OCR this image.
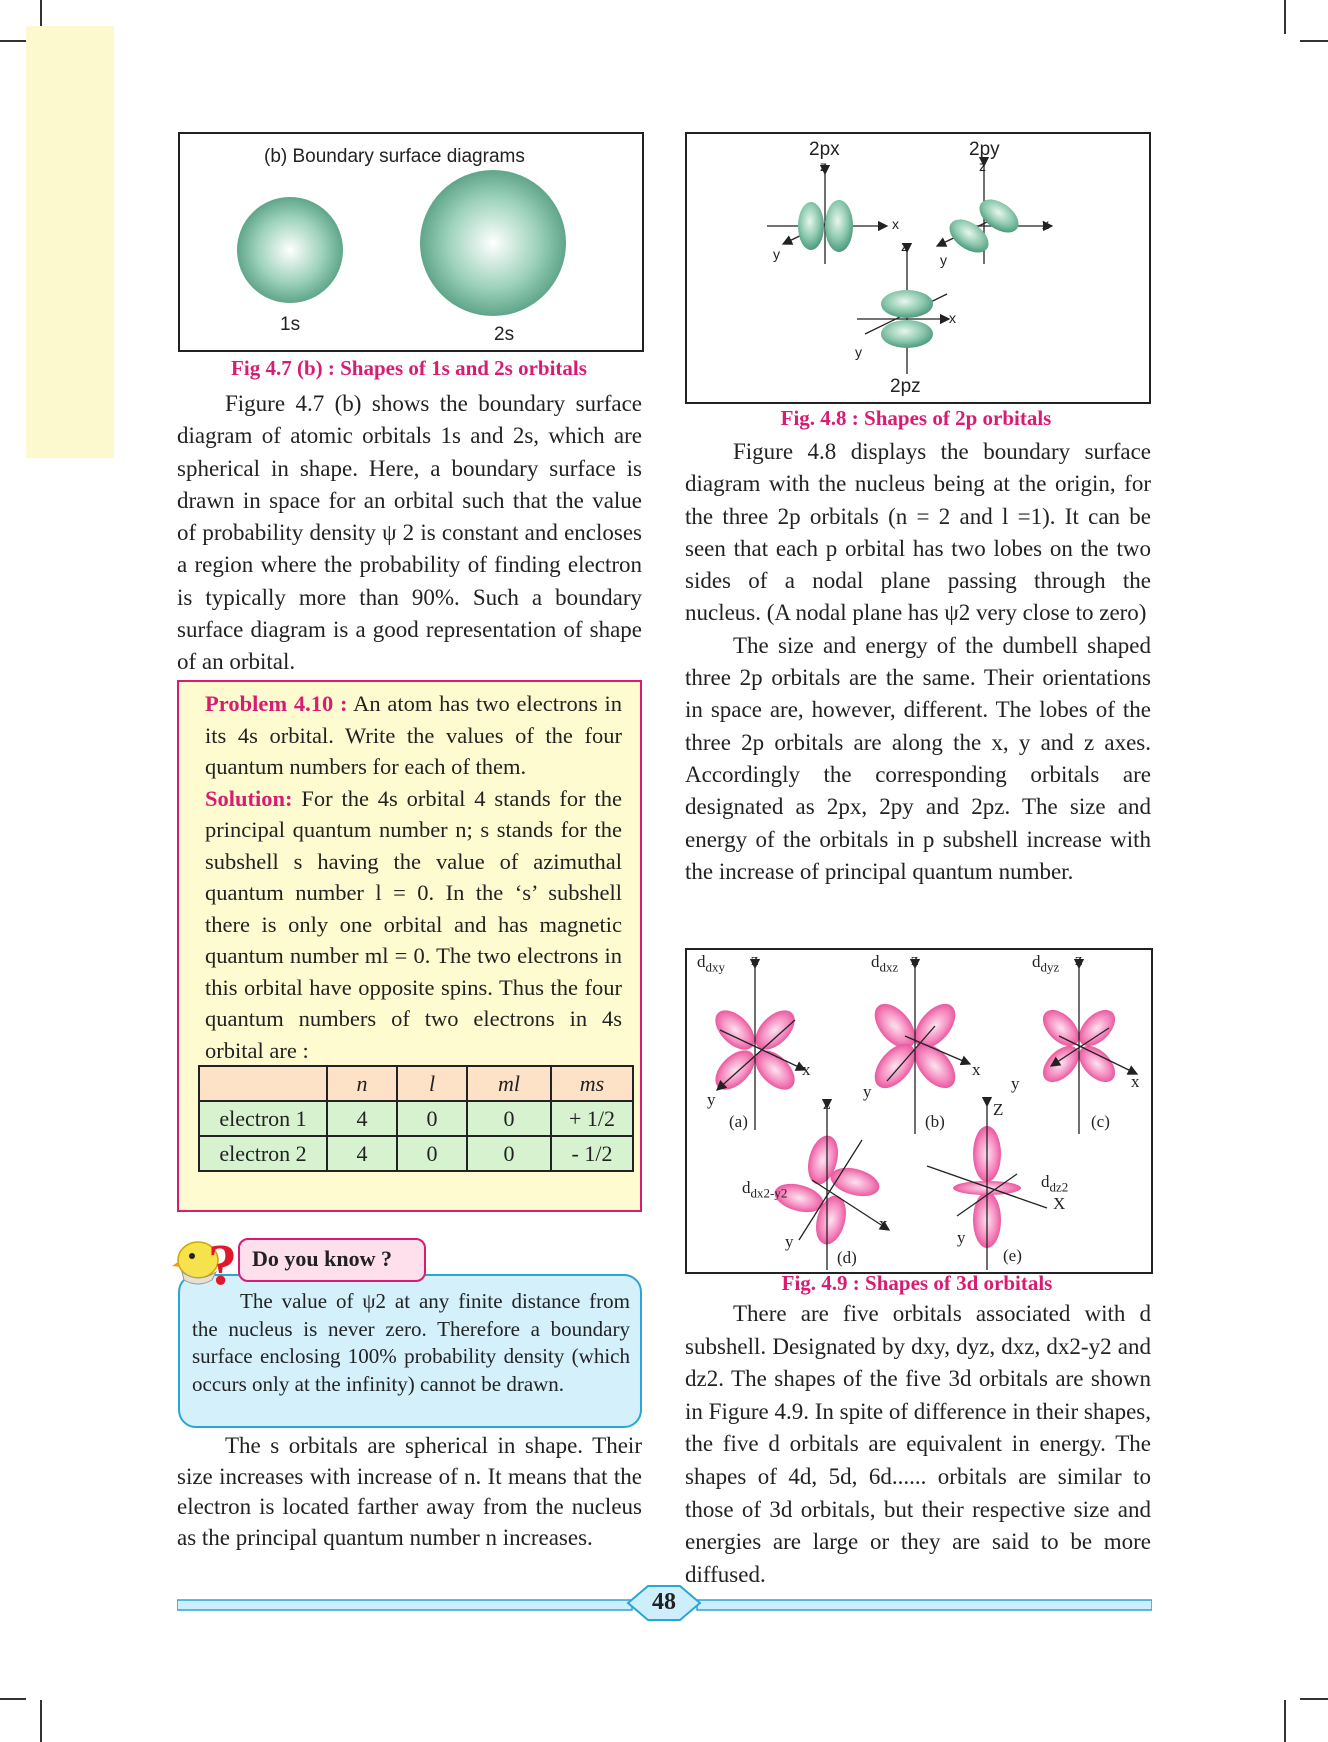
(b) Boundary surface diagrams
1s	2s
Fig 4.7 (b) : Shapes of 1s and 2s orbitals

Figure 4.7 (b) shows the boundary surface diagram of atomic orbitals 1s and 2s, which are spherical in shape. Here, a boundary surface is drawn in space for an orbital such that the value of probability density ψ 2 is constant and encloses a region where the probability of finding electron is typically more than 90%. Such a boundary surface diagram is a good representation of shape of an orbital.

Problem 4.10 : An atom has two electrons in its 4s orbital. Write the values of the four quantum numbers for each of them.
Solution: For the 4s orbital 4 stands for the principal quantum number n; s stands for the subshell s having the value of azimuthal quantum number l = 0. In the ‘s’ subshell there is only one orbital and has magnetic quantum number ml = 0. The two electrons in this orbital have opposite spins. Thus the four quantum numbers of two electrons in 4s orbital are :
	n	l	ml	ms
electron 1	4	0	0	+ 1/2
electron 2	4	0	0	- 1/2

The value of ψ2 at any finite distance from the nucleus is never zero. Therefore a boundary surface enclosing 100% probability density (which occurs only at the infinity) cannot be drawn.

Do you know ?
?

The s orbitals are spherical in shape. Their size increases with increase of n. It means that the electron is located farther away from the nucleus as the principal quantum number n increases.

2px	2py
2pz
z
x
y
z
x
y
z
x
y
Fig. 4.8 : Shapes of 2p orbitals

Figure 4.8 displays the boundary surface diagram with the nucleus being at the origin, for the three 2p orbitals (n = 2 and l =1). It can be seen that each p orbital has two lobes on the two sides of a nodal plane passing through the nucleus. (A nodal plane has ψ2 very close to zero)

The size and energy of the dumbell shaped three 2p orbitals are the same. Their orientations in space are, however, different. The lobes of the three 2p orbitals are along the x, y and z axes. Accordingly the corresponding orbitals are designated as 2px, 2py and 2pz. The size and energy of the orbitals in p subshell increase with the increase of principal quantum number.

$d_{dxy}$	$d_{dxz}$	$d_{dyz}$
$d_{dx2-y2}$
$d_{dz2}$
(a)	(b)	(c)
(d)	(e)
z
x
y
z
x
y
z
x
y
z
x
y
Z
X
y
Fig. 4.9 : Shapes of 3d orbitals

There are five orbitals associated with d subshell. Designated by dxy, dyz, dxz, dx2-y2 and dz2. The shapes of the five 3d orbitals are shown in Figure 4.9. In spite of difference in their shapes, the five d orbitals are equivalent in energy. The shapes of 4d, 5d, 6d...... orbitals are similar to those of 3d orbitals, but their respective size and energies are large or they are said to be more diffused.

48
